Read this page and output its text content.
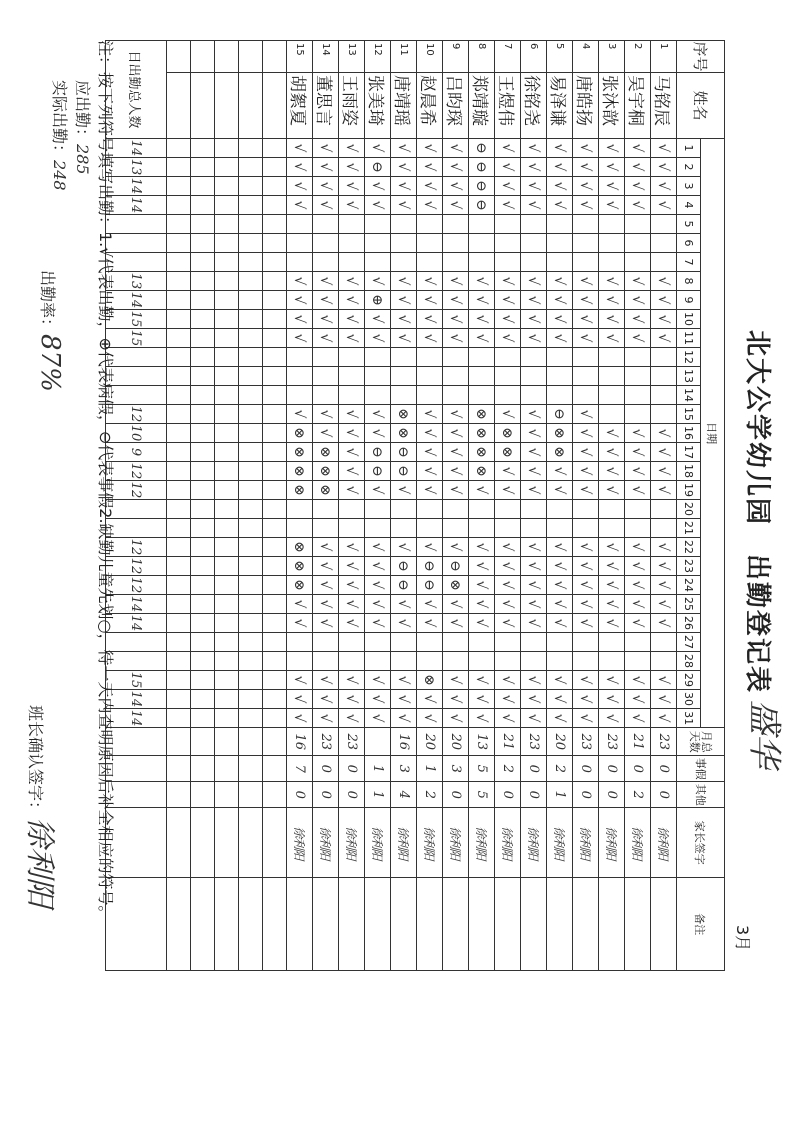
北大公学幼儿园　出勤登记表
盛华
3月
序号	姓名	日期																															月总天数	事假	其他	家长签字	备注
		1	2	3	4	5	6	7	8	9	10	11	12	13	14	15	16	17	18	19	20	21	22	23	24	25	26	27	28	29	30	31					
1	马铭辰	√	√	√	√				√	√	√	√					√	√	√	√			√	√	√	√	√			√	√	√	23	0	0	徐利阳	
2	吴宇桐	√	√	√	√				√	√	√	√					√	√	√	√			√	√	√	√	√			√	√	√	21	0	2	徐利阳	
3	张沐歆	√	√	√	√				√	√	√	√					√	√	√	√			√	√	√	√	√			√	√	√	23	0	0	徐利阳	
4	唐皓扬	√	√	√	√				√	√	√	√				√	√	√	√	√			√	√	√	√	√			√	√	√	23	0	0	徐利阳	
5	易泽谦	√	√	√	√				√	√	√	√				⊖	⊗	⊗	√	√			√	√	√	√	√			√	√	√	20	2	1	徐利阳	
6	徐铭尧	√	√	√	√				√	√	√	√				√	√	√	√	√			√	√	√	√	√			√	√	√	23	0	0	徐利阳	
7	王煜伟	√	√	√	√				√	√	√	√				√	⊗	⊗	√	√			√	√	√	√	√			√	√	√	21	2	0	徐利阳	
8	郑靖璇	⊖	⊖	⊖	⊖				√	√	√	√				⊗	⊗	⊗	⊗	√			√	√	√	√	√			√	√	√	13	5	5	徐利阳	
9	吕昀琛	√	√	√	√				√	√	√	√				√	√	√	√	√			√	⊖	⊗	√	√			√	√	√	20	3	0	徐利阳	
10	赵晨希	√	√	√	√				√	√	√	√				√	√	√	√	√			√	⊖	⊖	√	√			⊗	√	√	20	1	2	徐利阳	
11	唐靖瑶	√	√	√	√				√	√	√	√				⊗	⊗	⊖	⊖	√			√	⊖	⊖	√	√			√	√	√	16	3	4	徐利阳	
12	张美琦	√	⊖	√	√				√	⊕	√	√				√	√	⊖	⊖	√			√	√	√	√	√			√	√	√		1	1	徐利阳	
13	王雨姿	√	√	√	√				√	√	√	√				√	√	√	√	√			√	√	√	√	√			√	√	√	23	0	0	徐利阳	
14	董思言	√	√	√	√				√	√	√	√				√	√	⊗	⊗	⊗			√	√	√	√	√			√	√	√	23	0	0	徐利阳	
15	胡絮夏	√	√	√	√				√	√	√	√				√	⊗	⊗	⊗	⊗			⊗	⊗	⊗	√	√			√	√	√	16	7	0	徐利阳	

日出勤总人数		14	13	14	14				13	14	15	15				12	10	9	12	12			12	12	12	14	14			15	14	14					
注：按下列符号填写出勤：1.√代表出勤，⊕代表病假，⊖代表事假2.缺勤儿童先划○，待一天内查明原因后补全相应的符号。
应出勤：285
实际出勤：248
出勤率：87%
班长确认签字：徐利阳
